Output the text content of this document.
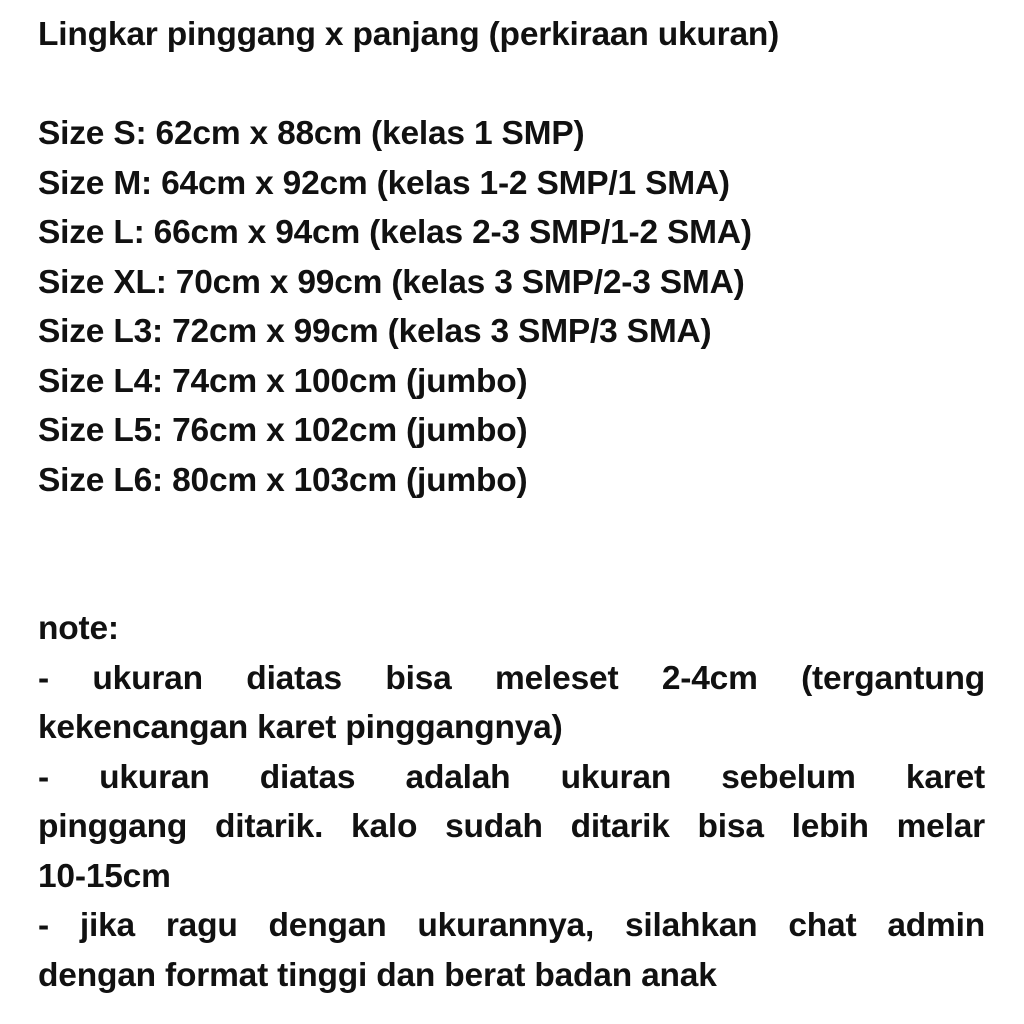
Lingkar pinggang x panjang (perkiraan ukuran)
Size S: 62cm x 88cm (kelas 1 SMP)
Size M: 64cm x 92cm (kelas 1-2 SMP/1 SMA)
Size L: 66cm x 94cm (kelas 2-3 SMP/1-2 SMA)
Size XL: 70cm x 99cm (kelas 3 SMP/2-3 SMA)
Size L3: 72cm x 99cm (kelas 3 SMP/3 SMA)
Size L4: 74cm x 100cm (jumbo)
Size L5: 76cm x 102cm (jumbo)
Size L6: 80cm x 103cm (jumbo)
note:
- ukuran diatas bisa meleset 2-4cm (tergantung
kekencangan karet pinggangnya)
- ukuran diatas adalah ukuran sebelum karet
pinggang ditarik. kalo sudah ditarik bisa lebih melar
10-15cm
- jika ragu dengan ukurannya, silahkan chat admin
dengan format tinggi dan berat badan anak
